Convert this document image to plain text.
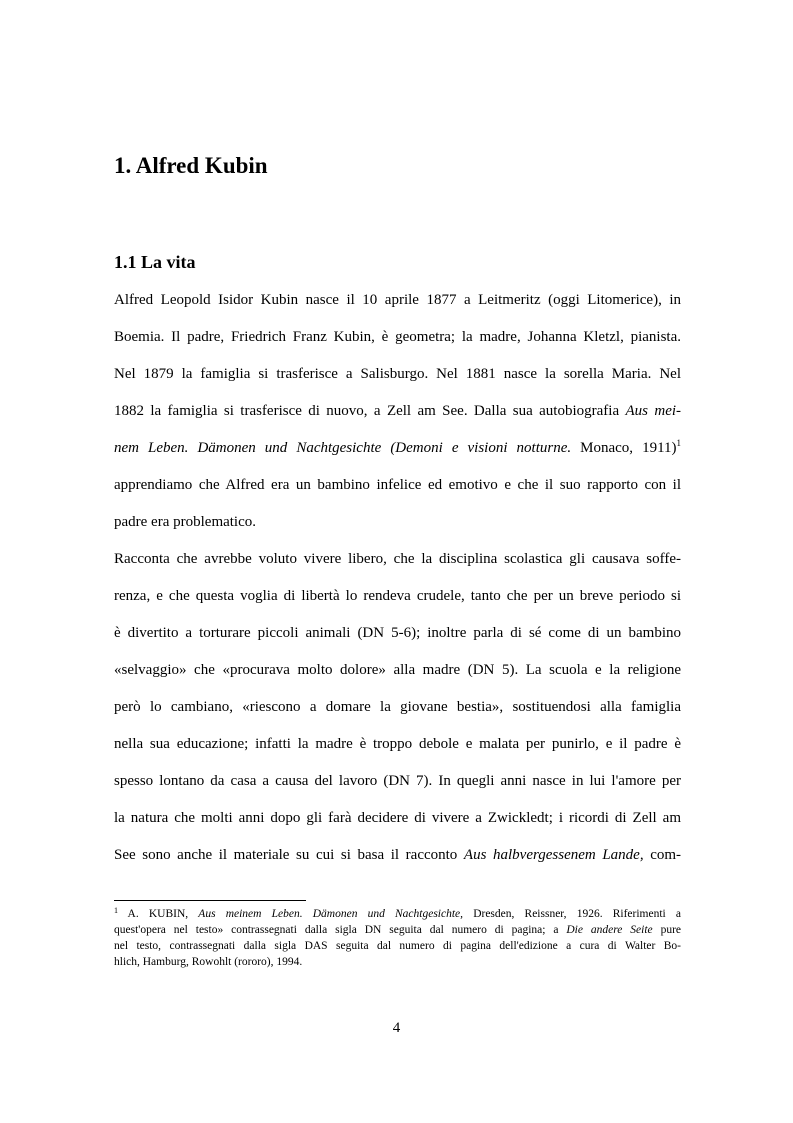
1. Alfred Kubin
1.1 La vita
Alfred Leopold Isidor Kubin nasce il 10 aprile 1877 a Leitmeritz (oggi Litomerice), in
Boemia. Il padre, Friedrich Franz Kubin, è geometra; la madre, Johanna Kletzl, pianista.
Nel 1879 la famiglia si trasferisce a Salisburgo. Nel 1881 nasce la sorella Maria. Nel
1882 la famiglia si trasferisce di nuovo, a Zell am See. Dalla sua autobiografia Aus mei-
nem Leben. Dämonen und Nachtgesichte (Demoni e visioni notturne. Monaco, 1911)$^1$
apprendiamo che Alfred era un bambino infelice ed emotivo e che il suo rapporto con il
padre era problematico.
Racconta che avrebbe voluto vivere libero, che la disciplina scolastica gli causava soffe-
renza, e che questa voglia di libertà lo rendeva crudele, tanto che per un breve periodo si
è divertito a torturare piccoli animali (DN 5-6); inoltre parla di sé come di un bambino
«selvaggio» che «procurava molto dolore» alla madre (DN 5). La scuola e la religione
però lo cambiano, «riescono a domare la giovane bestia», sostituendosi alla famiglia
nella sua educazione; infatti la madre è troppo debole e malata per punirlo, e il padre è
spesso lontano da casa a causa del lavoro (DN 7). In quegli anni nasce in lui l'amore per
la natura che molti anni dopo gli farà decidere di vivere a Zwickledt; i ricordi di Zell am
See sono anche il materiale su cui si basa il racconto Aus halbvergessenem Lande, com-
$^1$ A. KUBIN, Aus meinem Leben. Dämonen und Nachtgesichte, Dresden, Reissner, 1926. Riferimenti a
quest'opera nel testo» contrassegnati dalla sigla DN seguita dal numero di pagina; a Die andere Seite pure
nel testo, contrassegnati dalla sigla DAS seguita dal numero di pagina dell'edizione a cura di Walter Bo-
hlich, Hamburg, Rowohlt (rororo), 1994.
4
